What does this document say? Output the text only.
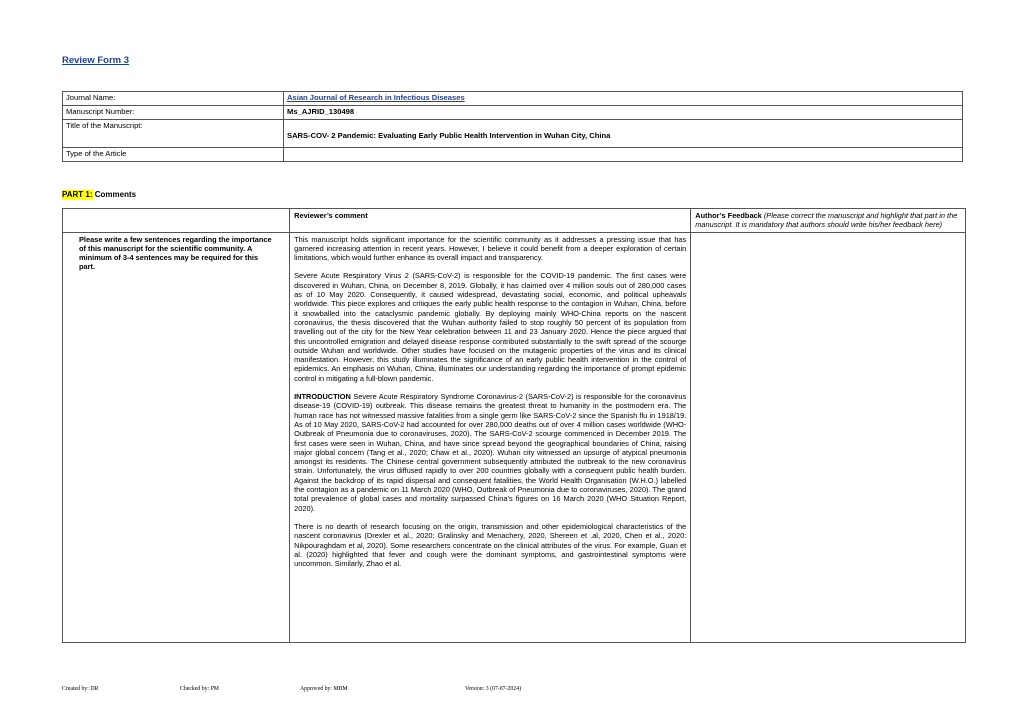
Review Form 3
Journal Name:	Asian Journal of Research in Infectious Diseases
Manuscript Number:	Ms_AJRID_130498
Title of the Manuscript:	SARS-COV- 2 Pandemic: Evaluating Early Public Health Intervention in Wuhan City, China

Type of the Article	
PART 1: Comments
	Reviewer’s comment	Author’s Feedback (Please correct the manuscript and highlight that part in the manuscript. It is mandatory that authors should write his/her feedback here)

Please write a few sentences regarding the importance of this manuscript for the scientific community. A minimum of 3-4 sentences may be required for this part.	This manuscript holds significant importance for the scientific community as it addresses a pressing issue that has garnered increasing attention in recent years. However, I believe it could benefit from a deeper exploration of certain limitations, which would further enhance its overall impact and transparency.

Severe Acute Respiratory Virus 2 (SARS-CoV-2) is responsible for the COVID-19 pandemic. The first cases were discovered in Wuhan, China, on December 8, 2019. Globally, it has claimed over 4 million souls out of 280,000 cases as of 10 May 2020. Consequently, it caused widespread, devastating social, economic, and political upheavals worldwide. This piece explores and critiques the early public health response to the contagion in Wuhan, China, before it snowballed into the cataclysmic pandemic globally. By deploying mainly WHO-China reports on the nascent coronavirus, the thesis discovered that the Wuhan authority failed to stop roughly 50 percent of its population from travelling out of the city for the New Year celebration between 11 and 23 January 2020. Hence the piece argued that this uncontrolled emigration and delayed disease response contributed substantially to the swift spread of the scourge outside Wuhan and worldwide. Other studies have focused on the mutagenic properties of the virus and its clinical manifestation. However, this study illuminates the significance of an early public health intervention in the control of epidemics. An emphasis on Wuhan, China, illuminates our understanding regarding the importance of prompt epidemic control in mitigating a full-blown pandemic.

INTRODUCTION Severe Acute Respiratory Syndrome Coronavirus-2 (SARS-CoV-2) is responsible for the coronavirus disease-19 (COVID-19) outbreak. This disease remains the greatest threat to humanity in the postmodern era. The human race has not witnessed massive fatalities from a single germ like SARS-CoV-2 since the Spanish flu in 1918/19. As of 10 May 2020, SARS-CoV-2 had accounted for over 280,000 deaths out of over 4 million cases worldwide (WHO-Outbreak of Pneumonia due to coronaviruses, 2020). The SARS-CoV-2 scourge commenced in December 2019. The first cases were seen in Wuhan, China, and have since spread beyond the geographical boundaries of China, raising major global concern (Tang et al., 2020; Chaw et al., 2020). Wuhan city witnessed an upsurge of atypical pneumonia amongst its residents. The Chinese central government subsequently attributed the outbreak to the new coronavirus strain. Unfortunately, the virus diffused rapidly to over 200 countries globally with a consequent public health burden. Against the backdrop of its rapid dispersal and consequent fatalities, the World Health Organisation (W.H.O.) labelled the contagion as a pandemic on 11 March 2020 (WHO, Outbreak of Pneumonia due to coronaviruses, 2020). The grand total prevalence of global cases and mortality surpassed China’s figures on 16 March 2020 (WHO Situation Report, 2020).

There is no dearth of research focusing on the origin, transmission and other epidemiological characteristics of the nascent coronavirus (Drexler et al., 2020: Gralinsky and Menachery, 2020, Shereen et .al, 2020, Chen et al., 2020: Nikpouraghdam et al, 2020). Some researchers concentrate on the clinical attributes of the virus. For example, Guan et al. (2020) highlighted that fever and cough were the dominant symptoms, and gastrointestinal symptoms were uncommon. Similarly, Zhao et al.	

Created by: DR	Checked by: PM	Approved by: MBM	Version: 3 (07-07-2024)
